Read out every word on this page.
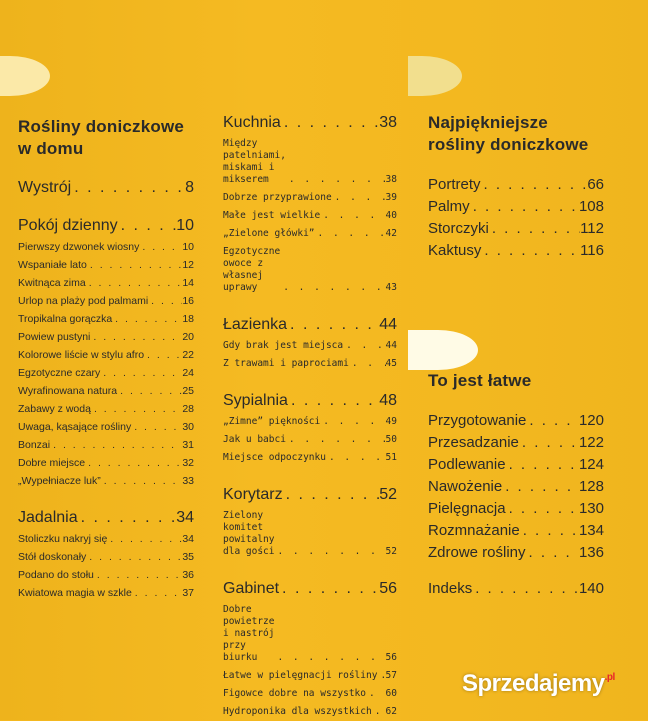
Rośliny doniczkowe
w domu
Wystrój . . .	8
Pokój dzienny . . .	10
Pierwszy dzwonek wiosny . . .	10
Wspaniałe lato . . .	12
Kwitnąca zima . . .	14
Urlop na plaży pod palmami . . .	16
Tropikalna gorączka . . .	18
Powiew pustyni . . .	20
Kolorowe liście w stylu afro . . .	22
Egzotyczne czary . . .	24
Wyrafinowana natura . . .	25
Zabawy z wodą . . .	28
Uwaga, kąsające rośliny . . .	30
Bonzai . . .	31
Dobre miejsce . . .	32
„Wypełniacze luk” . . .	33
Jadalnia . . .	34
Stoliczku nakryj się . . .	34
Stół doskonały . . .	35
Podano do stołu . . .	36
Kwiatowa magia w szkle . . .	37
Kuchnia . . .	38
Między patelniami, miskami i mikserem . . .	38
Dobrze przyprawione . . .	39
Małe jest wielkie . . .	40
„Zielone główki” . . .	42
Egzotyczne owoce z własnej uprawy . . .	43
Łazienka . . .	44
Gdy brak jest miejsca . . .	44
Z trawami i paprociami . . .	45
Sypialnia . . .	48
„Zimne” piękności . . .	49
Jak u babci . . .	50
Miejsce odpoczynku . . .	51
Korytarz . . .	52
Zielony komitet powitalny dla gości . . .	52
Gabinet . . .	56
Dobre powietrze i nastrój przy biurku . . .	56
Łatwe w pielęgnacji rośliny . . . 57
Figowce dobre na wszystko . . . 60
Hydroponika dla wszystkich . . . 62
Najpiękniejsze
rośliny doniczkowe
Portrety . . .	66
Palmy . . .	108
Storczyki . . .	112
Kaktusy . . .	116
To jest łatwe
Przygotowanie . . .	120
Przesadzanie . . .	122
Podlewanie . . .	124
Nawożenie . . .	128
Pielęgnacja . . .	130
Rozmnażanie . . .	134
Zdrowe rośliny . . .	136
Indeks . . .	140
Sprzedajemy$^{.pl}$
